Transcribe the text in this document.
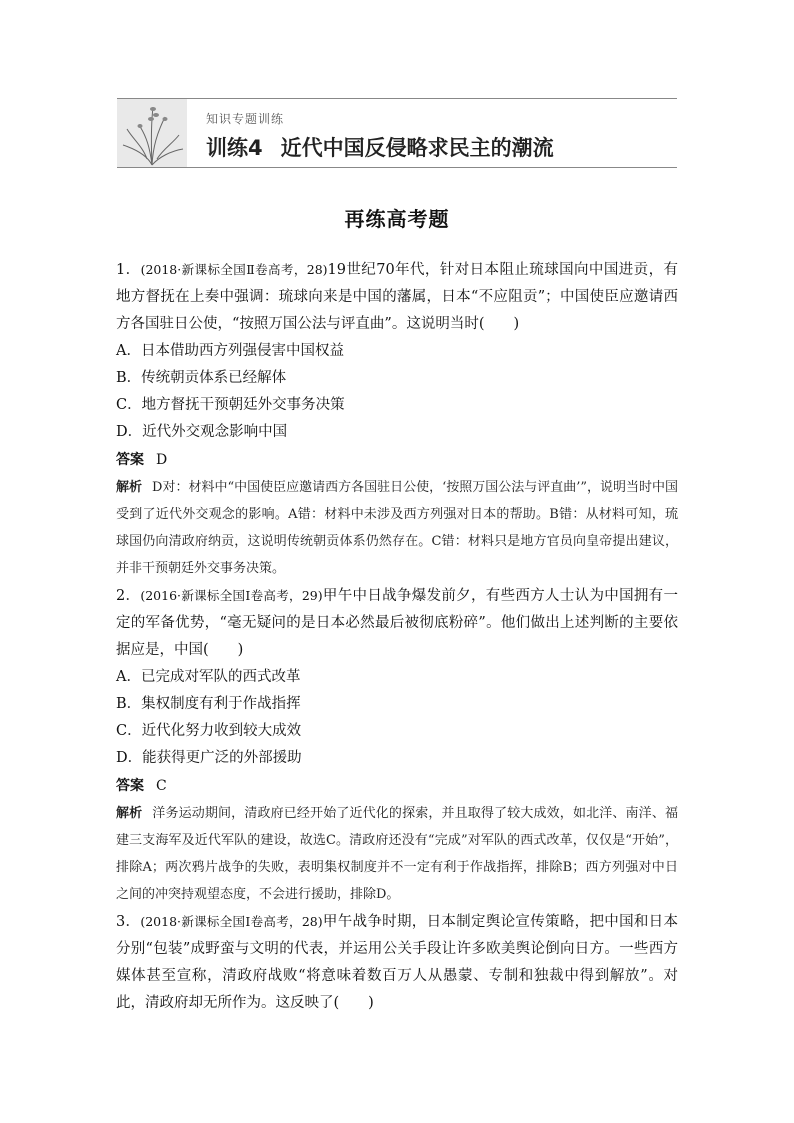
知识专题训练
训练4 近代中国反侵略求民主的潮流
再练高考题

1．(2018·新课标全国Ⅱ卷高考，28)19世纪70年代，针对日本阻止琉球国向中国进贡，有地方督抚在上奏中强调：琉球向来是中国的藩属，日本“不应阻贡”；中国使臣应邀请西方各国驻日公使，“按照万国公法与评直曲”。这说明当时(　　)

A．日本借助西方列强侵害中国权益

B．传统朝贡体系已经解体

C．地方督抚干预朝廷外交事务决策

D．近代外交观念影响中国

答案 D

解析 D对：材料中“中国使臣应邀请西方各国驻日公使，‘按照万国公法与评直曲’”，说明当时中国受到了近代外交观念的影响。A错：材料中未涉及西方列强对日本的帮助。B错：从材料可知，琉球国仍向清政府纳贡，这说明传统朝贡体系仍然存在。C错：材料只是地方官员向皇帝提出建议，并非干预朝廷外交事务决策。

2．(2016·新课标全国Ⅰ卷高考，29)甲午中日战争爆发前夕，有些西方人士认为中国拥有一定的军备优势，“毫无疑问的是日本必然最后被彻底粉碎”。他们做出上述判断的主要依据应是，中国(　　)

A．已完成对军队的西式改革

B．集权制度有利于作战指挥

C．近代化努力收到较大成效

D．能获得更广泛的外部援助

答案 C

解析 洋务运动期间，清政府已经开始了近代化的探索，并且取得了较大成效，如北洋、南洋、福建三支海军及近代军队的建设，故选C。清政府还没有“完成”对军队的西式改革，仅仅是“开始”，排除A；两次鸦片战争的失败，表明集权制度并不一定有利于作战指挥，排除B；西方列强对中日之间的冲突持观望态度，不会进行援助，排除D。

3．(2018·新课标全国Ⅰ卷高考，28)甲午战争时期，日本制定舆论宣传策略，把中国和日本分别“包装”成野蛮与文明的代表，并运用公关手段让许多欧美舆论倒向日方。一些西方媒体甚至宣称，清政府战败“将意味着数百万人从愚蒙、专制和独裁中得到解放”。对此，清政府却无所作为。这反映了(　　)
